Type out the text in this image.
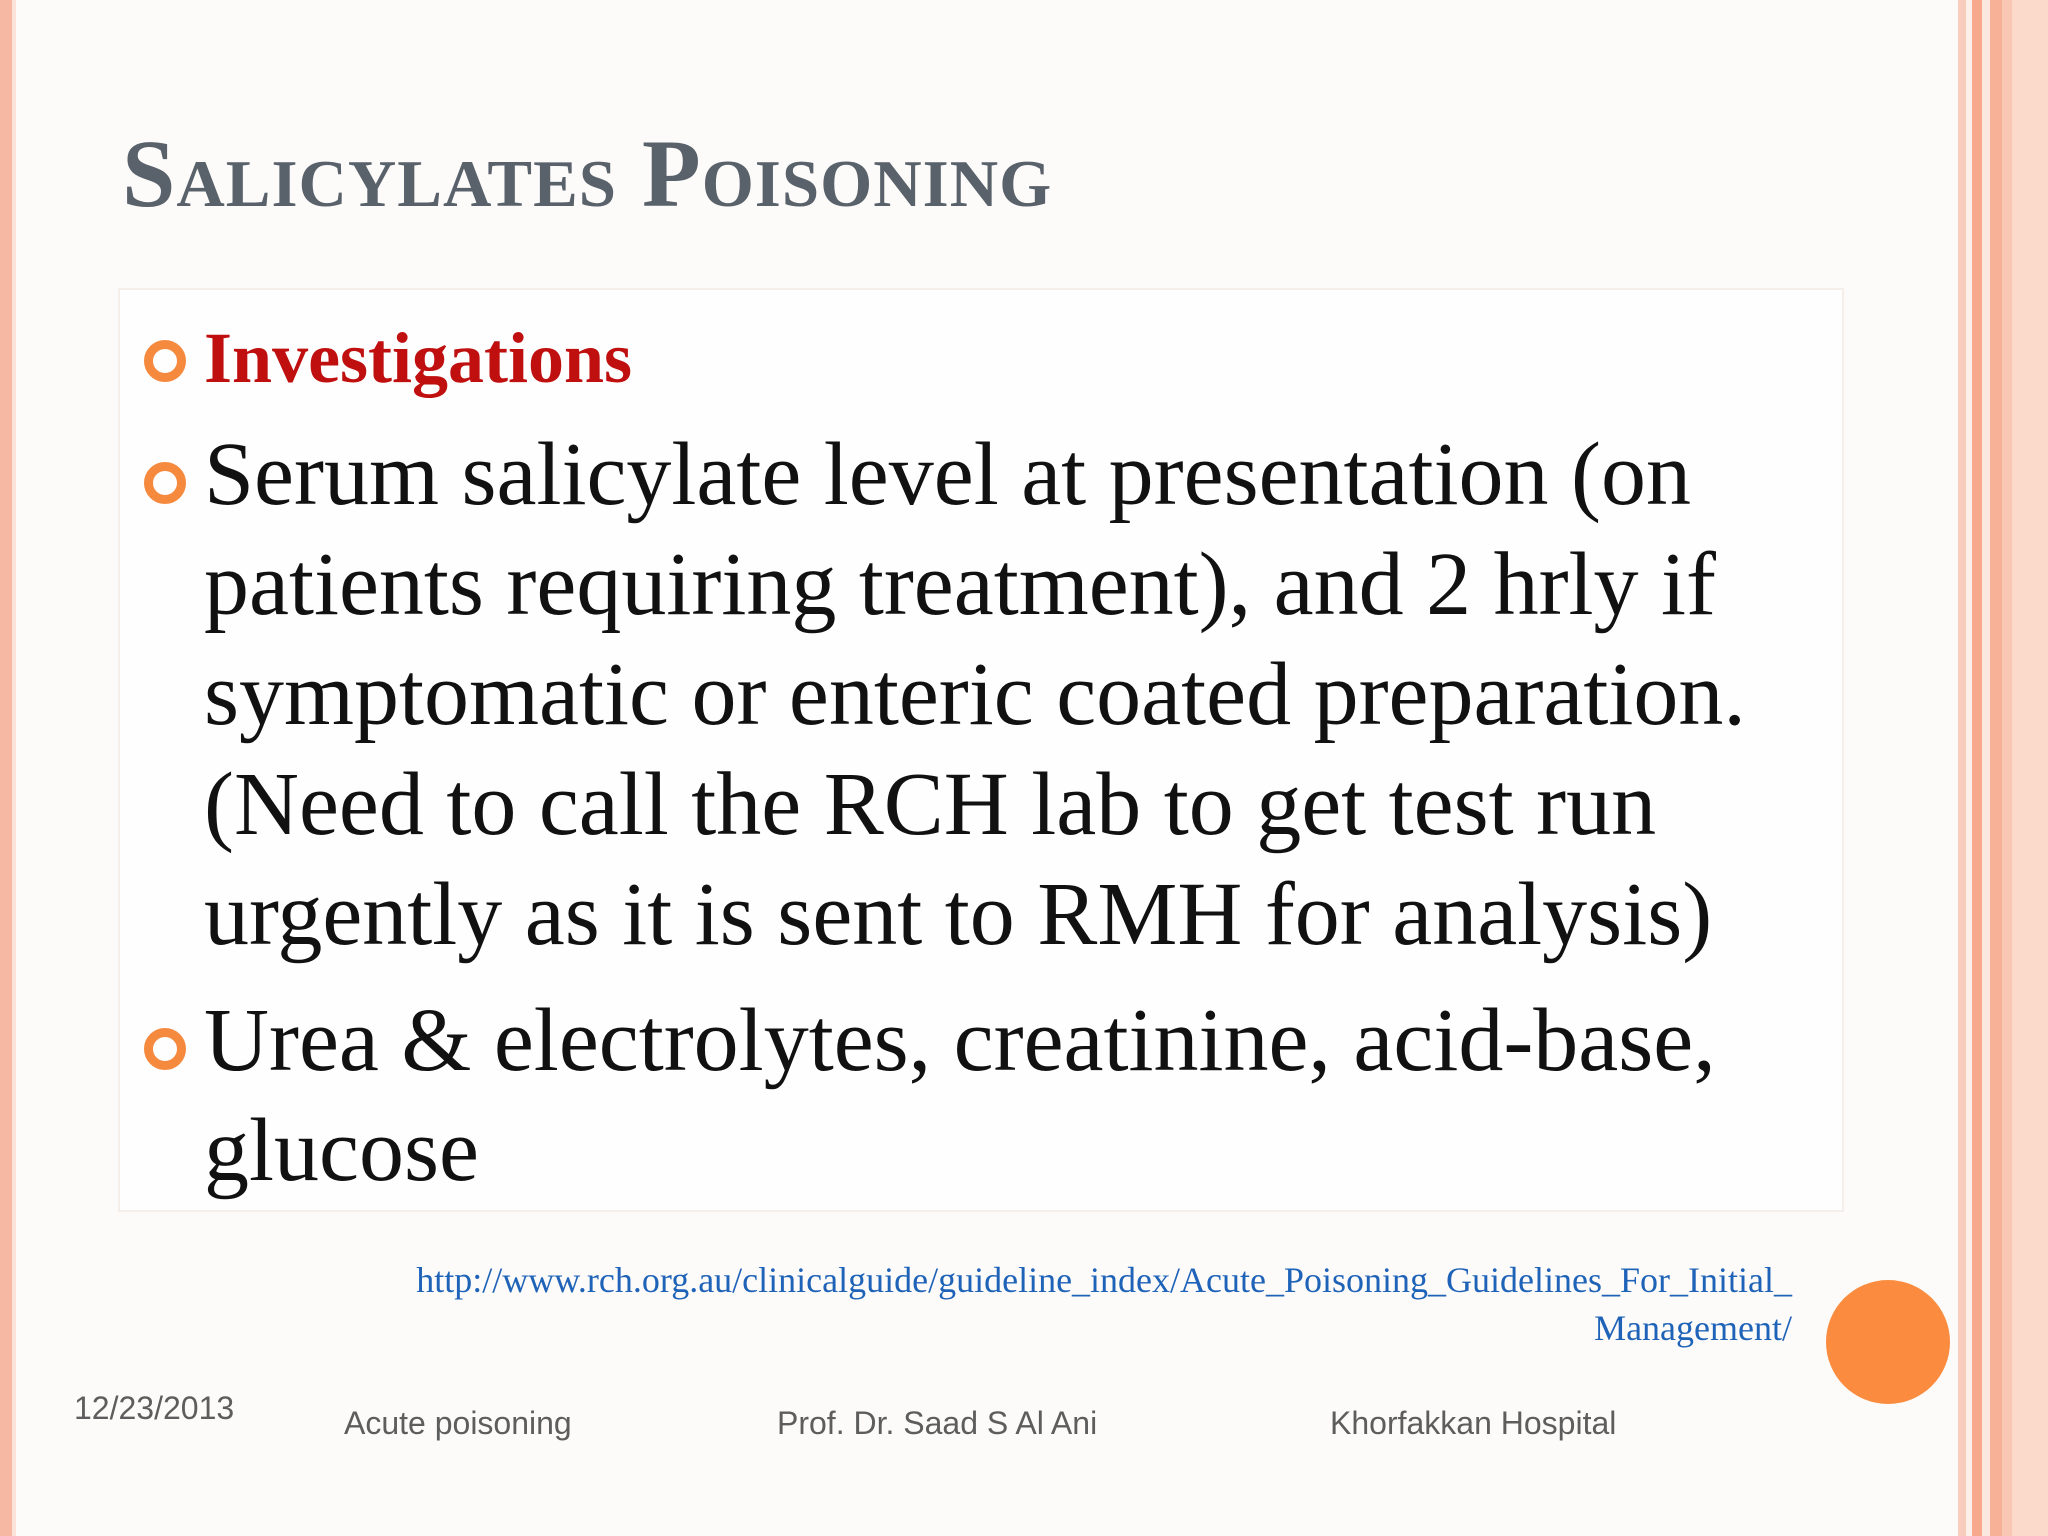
Salicylates Poisoning
Investigations
Serum salicylate level at presentation (on
patients requiring treatment), and 2 hrly if
symptomatic or enteric coated preparation.
(Need to call the RCH lab to get test run
urgently as it is sent to RMH for analysis)
Urea & electrolytes, creatinine, acid-base,
glucose
http://www.rch.org.au/clinicalguide/guideline_index/Acute_Poisoning_Guidelines_For_Initial_
Management/
12/23/2013	Acute poisoning	Prof. Dr. Saad S Al Ani	Khorfakkan Hospital
